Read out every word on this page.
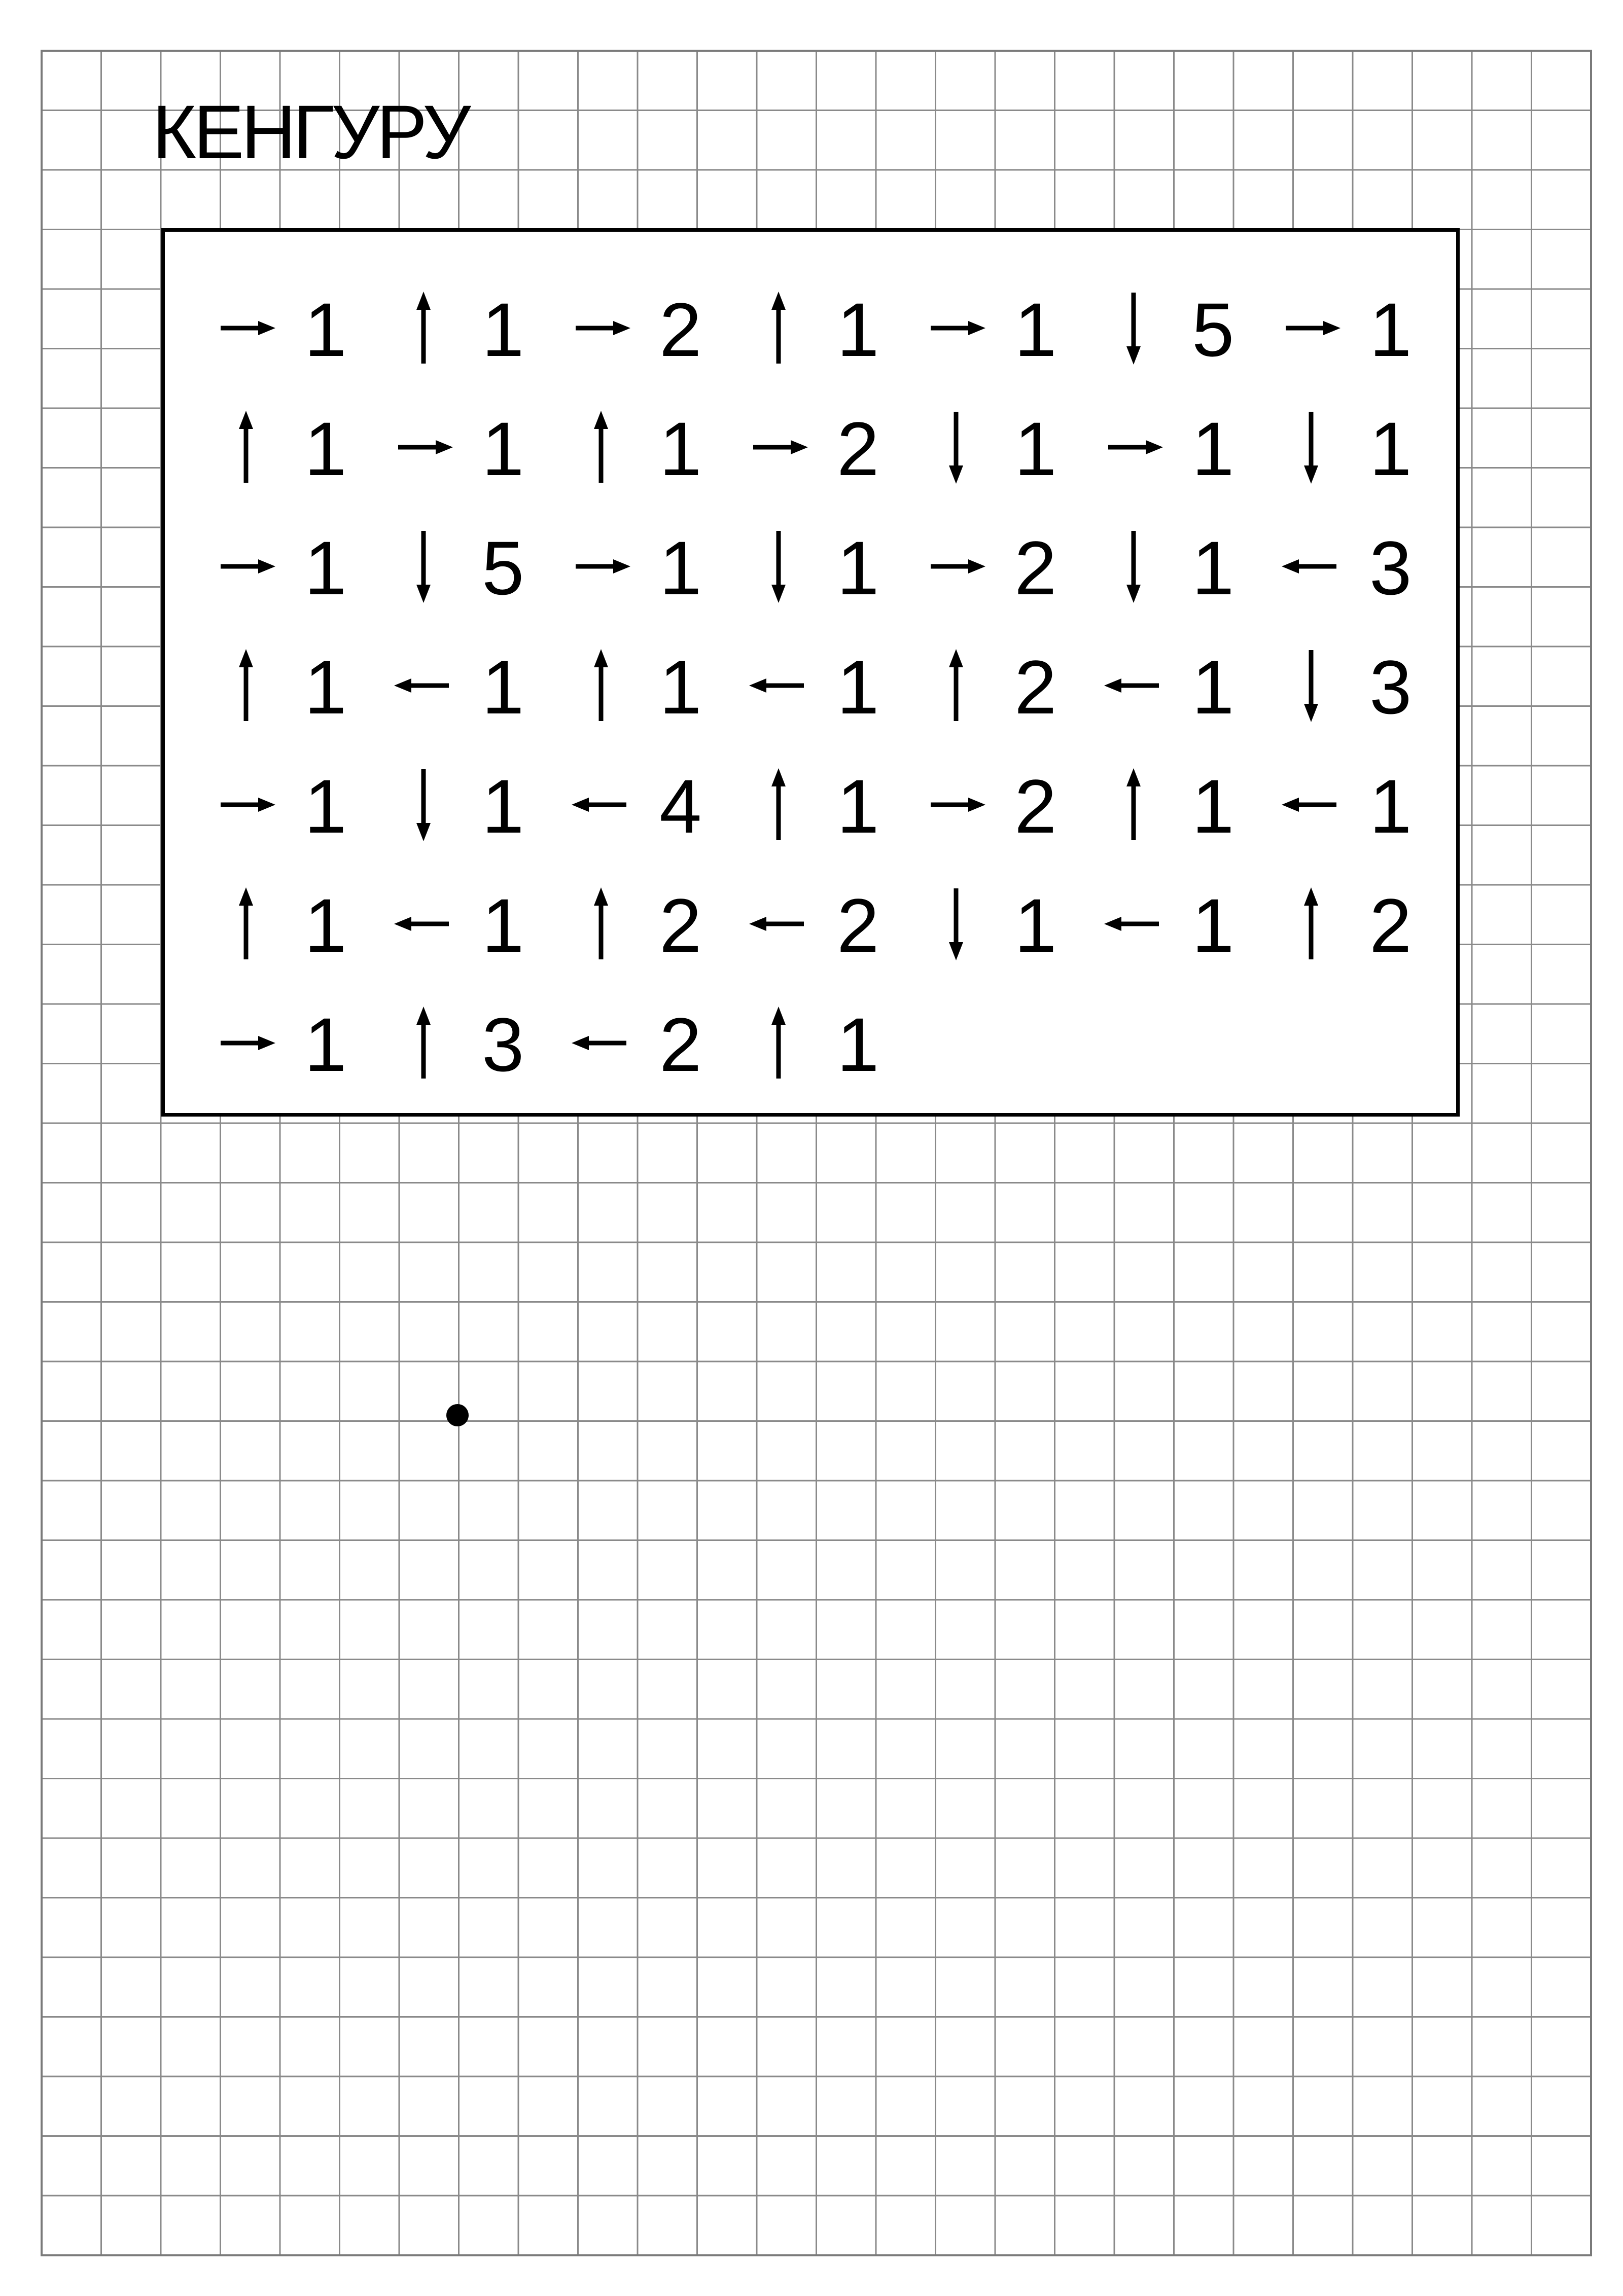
КЕНГУРУ
1 1 2 1 1 5 1
1 1 1 2 1 1 1
1 5 1 1 2 1 3
1 1 1 1 2 1 3
1 1 4 1 2 1 1
1 1 2 2 1 1 2
1 3 2 1
